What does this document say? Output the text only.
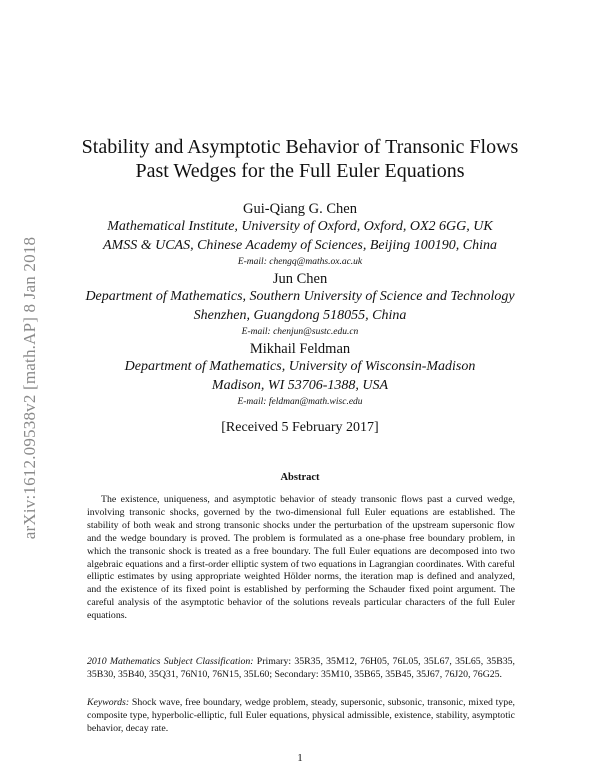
arXiv:1612.09538v2 [math.AP] 8 Jan 2018
Stability and Asymptotic Behavior of Transonic Flows
Past Wedges for the Full Euler Equations
Gui-Qiang G. Chen
Mathematical Institute, University of Oxford, Oxford, OX2 6GG, UK
AMSS & UCAS, Chinese Academy of Sciences, Beijing 100190, China
E-mail: chengq@maths.ox.ac.uk
Jun Chen
Department of Mathematics, Southern University of Science and Technology
Shenzhen, Guangdong 518055, China
E-mail: chenjun@sustc.edu.cn
Mikhail Feldman
Department of Mathematics, University of Wisconsin-Madison
Madison, WI 53706-1388, USA
E-mail: feldman@math.wisc.edu
[Received 5 February 2017]
Abstract

The existence, uniqueness, and asymptotic behavior of steady transonic flows past a curved wedge, involving transonic shocks, governed by the two-dimensional full Euler equations are established. The stability of both weak and strong transonic shocks under the perturbation of the upstream supersonic flow and the wedge boundary is proved. The problem is formulated as a one-phase free boundary problem, in which the transonic shock is treated as a free boundary. The full Euler equations are decomposed into two algebraic equations and a first-order elliptic system of two equations in Lagrangian coordinates. With careful elliptic estimates by using appropriate weighted Hölder norms, the iteration map is defined and analyzed, and the existence of its fixed point is established by performing the Schauder fixed point argument. The careful analysis of the asymptotic behavior of the solutions reveals particular characters of the full Euler equations.

2010 Mathematics Subject Classification: Primary: 35R35, 35M12, 76H05, 76L05, 35L67, 35L65, 35B35, 35B30, 35B40, 35Q31, 76N10, 76N15, 35L60; Secondary: 35M10, 35B65, 35B45, 35J67, 76J20, 76G25.

Keywords: Shock wave, free boundary, wedge problem, steady, supersonic, subsonic, transonic, mixed type, composite type, hyperbolic-elliptic, full Euler equations, physical admissible, existence, stability, asymptotic behavior, decay rate.

1
